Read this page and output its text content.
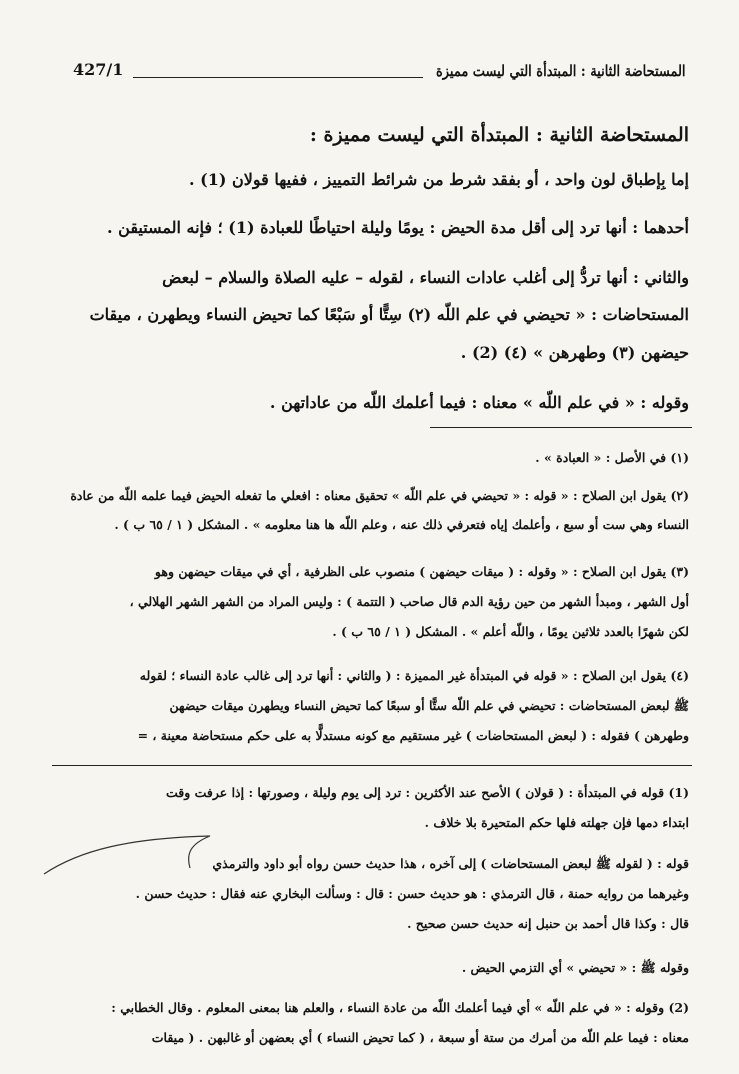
المستحاضة الثانية : المبتدأة التي ليست مميزة
427/1
المستحاضة الثانية : المبتدأة التي ليست مميزة :
إما بِإطباق لون واحد ، أو بفقد شرط من شرائط التمييز ، ففيها قولان (1) .
أحدهما : أنها ترد إلى أقل مدة الحيض : يومًا وليلة احتياطًا للعبادة (1) ؛ فإنه المستيقن .
والثاني : أنها تردُّ إلى أغلب عادات النساء ، لقوله – عليه الصلاة والسلام – لبعض
المستحاضات : « تحيضي في علم اللّه (٢) سِتًّا أو سَبْعًا كما تحيض النساء ويطهرن ، ميقات
حيضهن (٣) وطهرهن » (٤) (2) .
وقوله : « في علم اللّه » معناه : فيما أعلمك اللّه من عاداتهن .
(١) في الأصل : « العبادة » .
(٢) يقول ابن الصلاح : « قوله : « تحيضي في علم اللّه » تحقيق معناه : افعلي ما تفعله الحيض فيما علمه اللّه من عادة
النساء وهي ست أو سبع ، وأعلمك إياه فتعرفي ذلك عنه ، وعلم اللّه ها هنا معلومه » . المشكل ( ١ / ٦٥ ب ) .
(٣) يقول ابن الصلاح : « وقوله : ( ميقات حيضهن ) منصوب على الظرفية ، أي في ميقات حيضهن وهو
أول الشهر ، ومبدأ الشهر من حين رؤية الدم قال صاحب ( التتمة ) : وليس المراد من الشهر الشهر الهلالي ،
لكن شهرًا بالعدد ثلاثين يومًا ، واللّه أعلم » . المشكل ( ١ / ٦٥ ب ) .
(٤) يقول ابن الصلاح : « قوله في المبتدأة غير المميزة : ( والثاني : أنها ترد إلى غالب عادة النساء ؛ لقوله
ﷺ لبعض المستحاضات : تحيضي في علم اللّه ستًّا أو سبعًا كما تحيض النساء ويطهرن ميقات حيضهن
وطهرهن ) فقوله : ( لبعض المستحاضات ) غير مستقيم مع كونه مستدلًّا به على حكم مستحاضة معينة ، =
(1) قوله في المبتدأة : ( قولان ) الأصح عند الأكثرين : ترد إلى يوم وليلة ، وصورتها : إذا عرفت وقت
ابتداء دمها فإن جهلته فلها حكم المتحيرة بلا خلاف .
قوله : ( لقوله ﷺ لبعض المستحاضات ) إلى آخره ، هذا حديث حسن رواه أبو داود والترمذي
وغيرهما من روايه حمنة ، قال الترمذي : هو حديث حسن : قال : وسألت البخاري عنه فقال : حديث حسن .
قال : وكذا قال أحمد بن حنبل إنه حديث حسن صحيح .
وقوله ﷺ : « تحيضي » أي التزمي الحيض .
(2) وقوله : « في علم اللّه » أي فيما أعلمك اللّه من عادة النساء ، والعلم هنا بمعنى المعلوم . وقال الخطابي :
معناه : فيما علم اللّه من أمرك من ستة أو سبعة ، ( كما تحيض النساء ) أي بعضهن أو غالبهن . ( ميقات
